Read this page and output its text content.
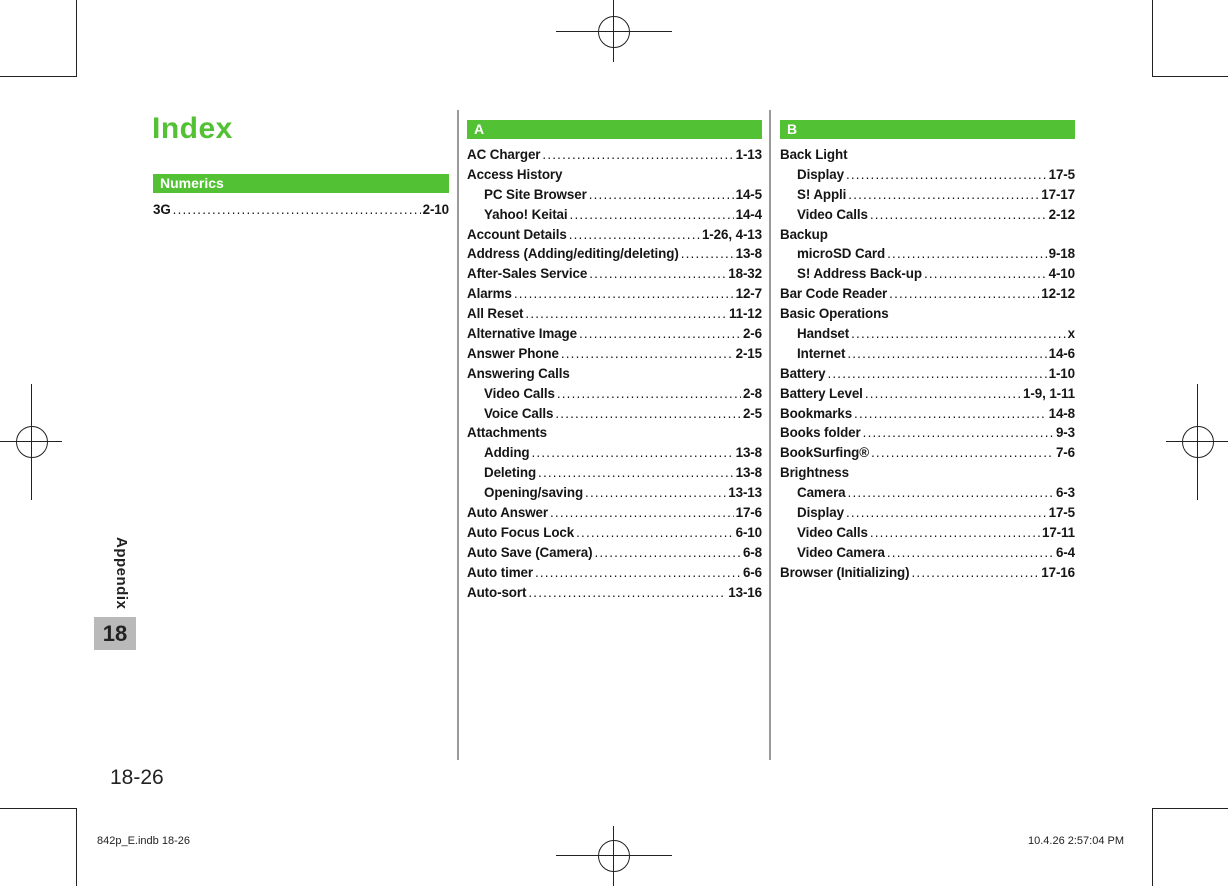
Index
Numerics
3G .....	2-10
A
AC Charger .....	1-13
Access History
PC Site Browser .....	14-5
Yahoo! Keitai .....	14-4
Account Details .....	1-26, 4-13
Address (Adding/editing/deleting) .....	13-8
After-Sales Service .....	18-32
Alarms .....	12-7
All Reset .....	11-12
Alternative Image .....	2-6
Answer Phone .....	2-15
Answering Calls
Video Calls .....	2-8
Voice Calls .....	2-5
Attachments
Adding .....	13-8
Deleting .....	13-8
Opening/saving .....	13-13
Auto Answer .....	17-6
Auto Focus Lock .....	6-10
Auto Save (Camera) .....	6-8
Auto timer .....	6-6
Auto-sort .....	13-16
B
Back Light
Display .....	17-5
S! Appli .....	17-17
Video Calls .....	2-12
Backup
microSD Card .....	9-18
S! Address Back-up .....	4-10
Bar Code Reader .....	12-12
Basic Operations
Handset .....	x
Internet .....	14-6
Battery .....	1-10
Battery Level .....	1-9, 1-11
Bookmarks .....	14-8
Books folder .....	9-3
BookSurfing® .....	7-6
Brightness
Camera .....	6-3
Display .....	17-5
Video Calls .....	17-11
Video Camera .....	6-4
Browser (Initializing) .....	17-16
Appendix
18
18-26
842p_E.indb 18-26	10.4.26 2:57:04 PM
